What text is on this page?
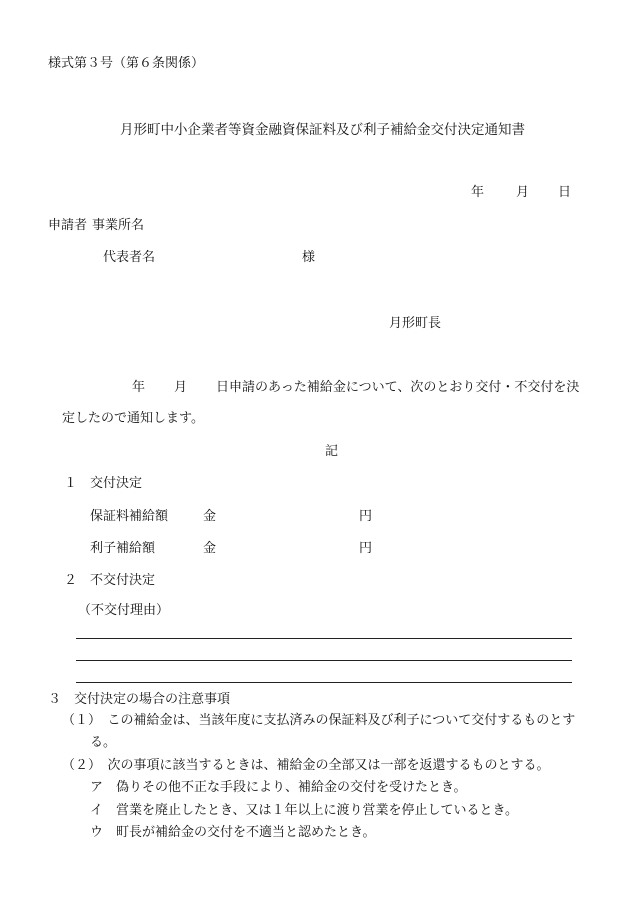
様式第３号（第６条関係）
月形町中小企業者等資金融資保証料及び利子補給金交付決定通知書
年 月 日
申請者 事業所名
代表者名	様
月形町長
年 月 日申請のあった補給金について、次のとおり交付・不交付を決
定したので通知します。
記
１　交付決定
保証料補給額	金	円
利子補給額	金	円
２　不交付決定
（不交付理由）
３　交付決定の場合の注意事項
（１）　この補給金は、当該年度に支払済みの保証料及び利子について交付するものとす
る。
（２）　次の事項に該当するときは、補給金の全部又は一部を返還するものとする。
ア　偽りその他不正な手段により、補給金の交付を受けたとき。
イ　営業を廃止したとき、又は１年以上に渡り営業を停止しているとき。
ウ　町長が補給金の交付を不適当と認めたとき。
